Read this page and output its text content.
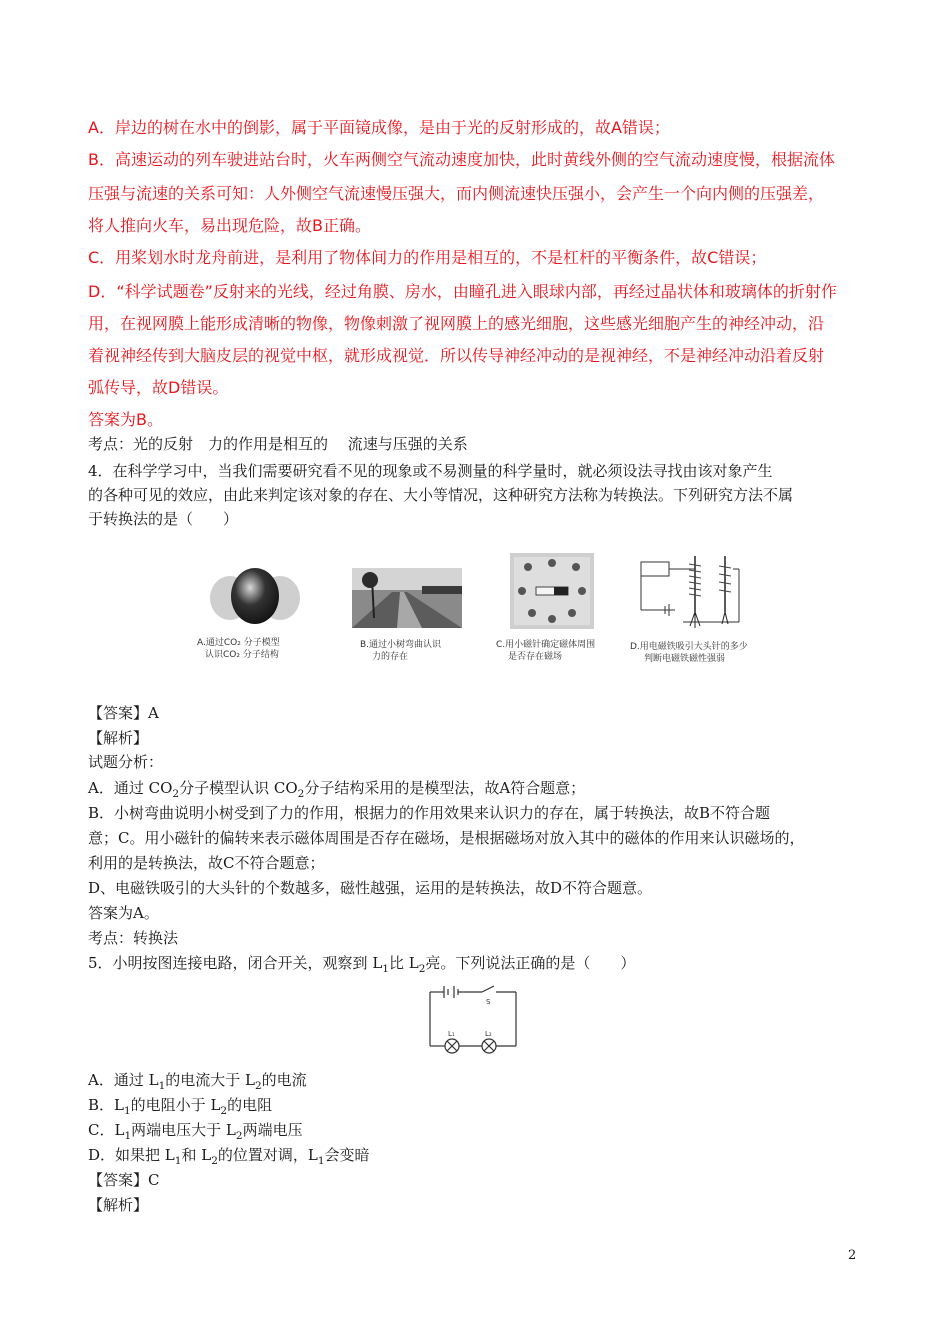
A．岸边的树在水中的倒影，属于平面镜成像，是由于光的反射形成的，故A错误；
B．高速运动的列车驶进站台时，火车两侧空气流动速度加快，此时黄线外侧的空气流动速度慢，根据流体
压强与流速的关系可知：人外侧空气流速慢压强大，而内侧流速快压强小，会产生一个向内侧的压强差，
将人推向火车，易出现危险，故B正确。
C．用桨划水时龙舟前进，是利用了物体间力的作用是相互的，不是杠杆的平衡条件，故C错误；
D．“科学试题卷”反射来的光线，经过角膜、房水，由瞳孔进入眼球内部，再经过晶状体和玻璃体的折射作
用，在视网膜上能形成清晰的物像，物像刺激了视网膜上的感光细胞，这些感光细胞产生的神经冲动，沿
着视神经传到大脑皮层的视觉中枢，就形成视觉．所以传导神经冲动的是视神经，不是神经冲动沿着反射
弧传导，故D错误。
答案为B。
考点：光的反射　力的作用是相互的　 流速与压强的关系
4．在科学学习中，当我们需要研究看不见的现象或不易测量的科学量时，就必须设法寻找由该对象产生
的各种可见的效应，由此来判定该对象的存在、大小等情况，这种研究方法称为转换法。下列研究方法不属
于转换法的是（　　）
A.通过CO₂ 分子模型
认识CO₂ 分子结构
B.通过小树弯曲认识
力的存在
C.用小磁针确定磁体周围
是否存在磁场
D.用电磁铁吸引大头针的多少
判断电磁铁磁性强弱
【答案】A
【解析】
试题分析：
A．通过 $CO_2$分子模型认识 $CO_2$分子结构采用的是模型法，故A符合题意；
B．小树弯曲说明小树受到了力的作用，根据力的作用效果来认识力的存在，属于转换法，故B不符合题
意；C。用小磁针的偏转来表示磁体周围是否存在磁场，是根据磁场对放入其中的磁体的作用来认识磁场的，
利用的是转换法，故C不符合题意；
D、电磁铁吸引的大头针的个数越多，磁性越强，运用的是转换法，故D不符合题意。
答案为A。
考点：转换法
5．小明按图连接电路，闭合开关，观察到 $L_1$比 $L_2$亮。下列说法正确的是（　　）
S
L₁	L₂
A．通过 $L_1$的电流大于 $L_2$的电流
B．$L_1$的电阻小于 $L_2$的电阻
C．$L_1$两端电压大于 $L_2$两端电压
D．如果把 $L_1$和 $L_2$的位置对调，$L_1$会变暗
【答案】C
【解析】
2
